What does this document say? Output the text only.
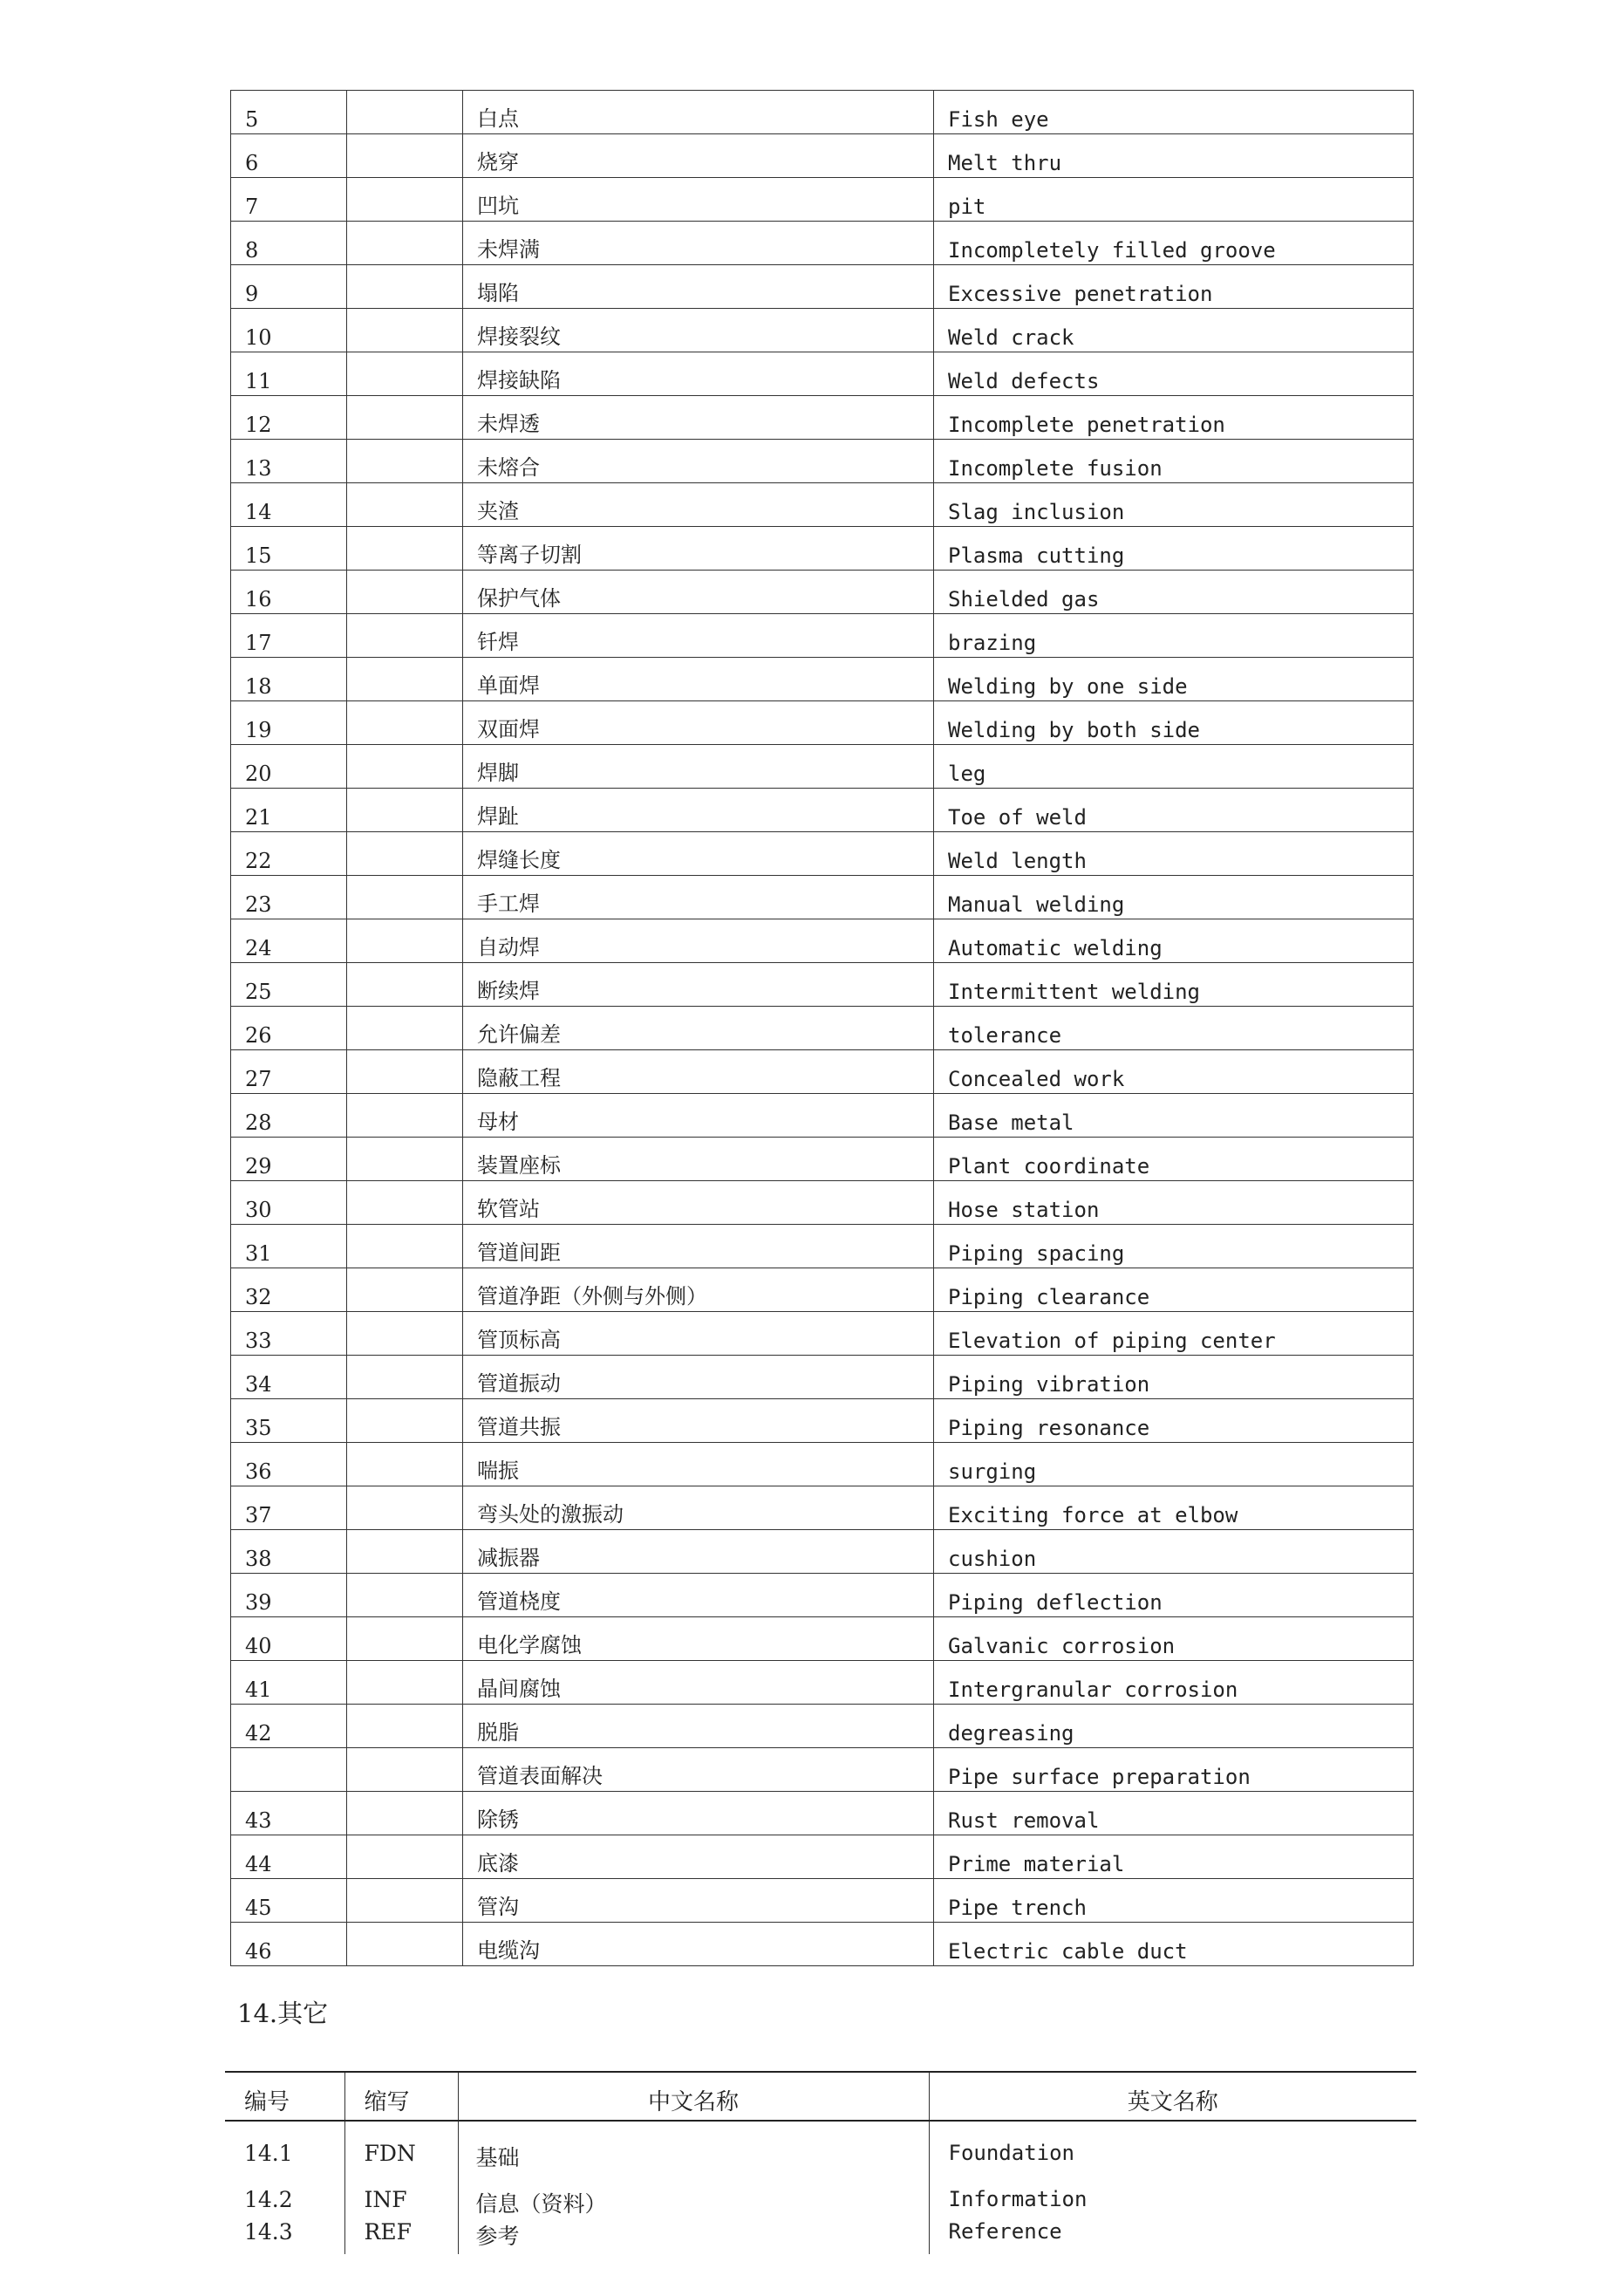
5		白点	Fish eye
6		烧穿	Melt thru
7		凹坑	pit
8		未焊满	Incompletely filled groove
9		塌陷	Excessive penetration
10		焊接裂纹	Weld crack
11		焊接缺陷	Weld defects
12		未焊透	Incomplete penetration
13		未熔合	Incomplete fusion
14		夹渣	Slag inclusion
15		等离子切割	Plasma cutting
16		保护气体	Shielded gas
17		钎焊	brazing
18		单面焊	Welding by one side
19		双面焊	Welding by both side
20		焊脚	leg
21		焊趾	Toe of weld
22		焊缝长度	Weld length
23		手工焊	Manual welding
24		自动焊	Automatic welding
25		断续焊	Intermittent welding
26		允许偏差	tolerance
27		隐蔽工程	Concealed work
28		母材	Base metal
29		装置座标	Plant coordinate
30		软管站	Hose station
31		管道间距	Piping spacing
32		管道净距（外侧与外侧）	Piping clearance
33		管顶标高	Elevation of piping center
34		管道振动	Piping vibration
35		管道共振	Piping resonance
36		喘振	surging
37		弯头处的激振动	Exciting force at elbow
38		减振器	cushion
39		管道桡度	Piping deflection
40		电化学腐蚀	Galvanic corrosion
41		晶间腐蚀	Intergranular corrosion
42		脱脂	degreasing
		管道表面解决	Pipe surface preparation
43		除锈	Rust removal
44		底漆	Prime material
45		管沟	Pipe trench
46		电缆沟	Electric cable duct
14.其它
编号	缩写	中文名称	英文名称
14.1	FDN	基础	Foundation
14.2	INF	信息（资料）	Information
14.3	REF	参考	Reference
